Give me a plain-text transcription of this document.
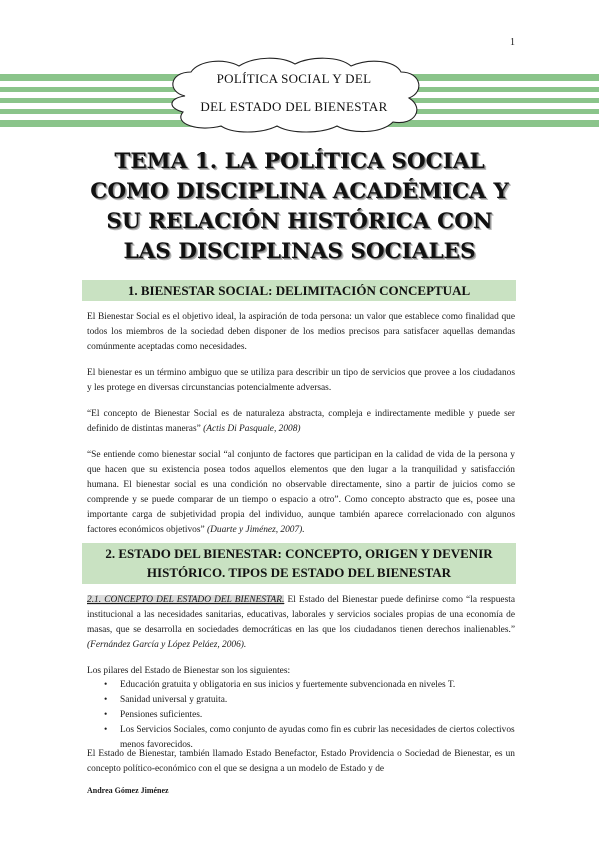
1
POLÍTICA SOCIAL Y DEL
DEL ESTADO DEL BIENESTAR
TEMA 1. LA POLÍTICA SOCIAL
COMO DISCIPLINA ACADÉMICA Y
SU RELACIÓN HISTÓRICA CON
LAS DISCIPLINAS SOCIALES
1. BIENESTAR SOCIAL: DELIMITACIÓN CONCEPTUAL

El Bienestar Social es el objetivo ideal, la aspiración de toda persona: un valor que establece como finalidad que todos los miembros de la sociedad deben disponer de los medios precisos para satisfacer aquellas demandas comúnmente aceptadas como necesidades.

El bienestar es un término ambiguo que se utiliza para describir un tipo de servicios que provee a los ciudadanos y les protege en diversas circunstancias potencialmente adversas.

“El concepto de Bienestar Social es de naturaleza abstracta, compleja e indirectamente medible y puede ser definido de distintas maneras” (Actis Di Pasquale, 2008)

“Se entiende como bienestar social “al conjunto de factores que participan en la calidad de vida de la persona y que hacen que su existencia posea todos aquellos elementos que den lugar a la tranquilidad y satisfacción humana. El bienestar social es una condición no observable directamente, sino a partir de juicios como se comprende y se puede comparar de un tiempo o espacio a otro”. Como concepto abstracto que es, posee una importante carga de subjetividad propia del individuo, aunque también aparece correlacionado con algunos factores económicos objetivos” (Duarte y Jiménez, 2007).

2. ESTADO DEL BIENESTAR: CONCEPTO, ORIGEN Y DEVENIR
HISTÓRICO. TIPOS DE ESTADO DEL BIENESTAR

2.1. CONCEPTO DEL ESTADO DEL BIENESTAR. El Estado del Bienestar puede definirse como “la respuesta institucional a las necesidades sanitarias, educativas, laborales y servicios sociales propias de una economía de masas, que se desarrolla en sociedades democráticas en las que los ciudadanos tienen derechos inalienables.” (Fernández García y López Peláez, 2006).

Los pilares del Estado de Bienestar son los siguientes:

• Educación gratuita y obligatoria en sus inicios y fuertemente subvencionada en niveles T.
• Sanidad universal y gratuita.
• Pensiones suficientes.
• Los Servicios Sociales, como conjunto de ayudas como fin es cubrir las necesidades de ciertos colectivos menos favorecidos.

El Estado de Bienestar, también llamado Estado Benefactor, Estado Providencia o Sociedad de Bienestar, es un concepto político-económico con el que se designa a un modelo de Estado y de

Andrea Gómez Jiménez
